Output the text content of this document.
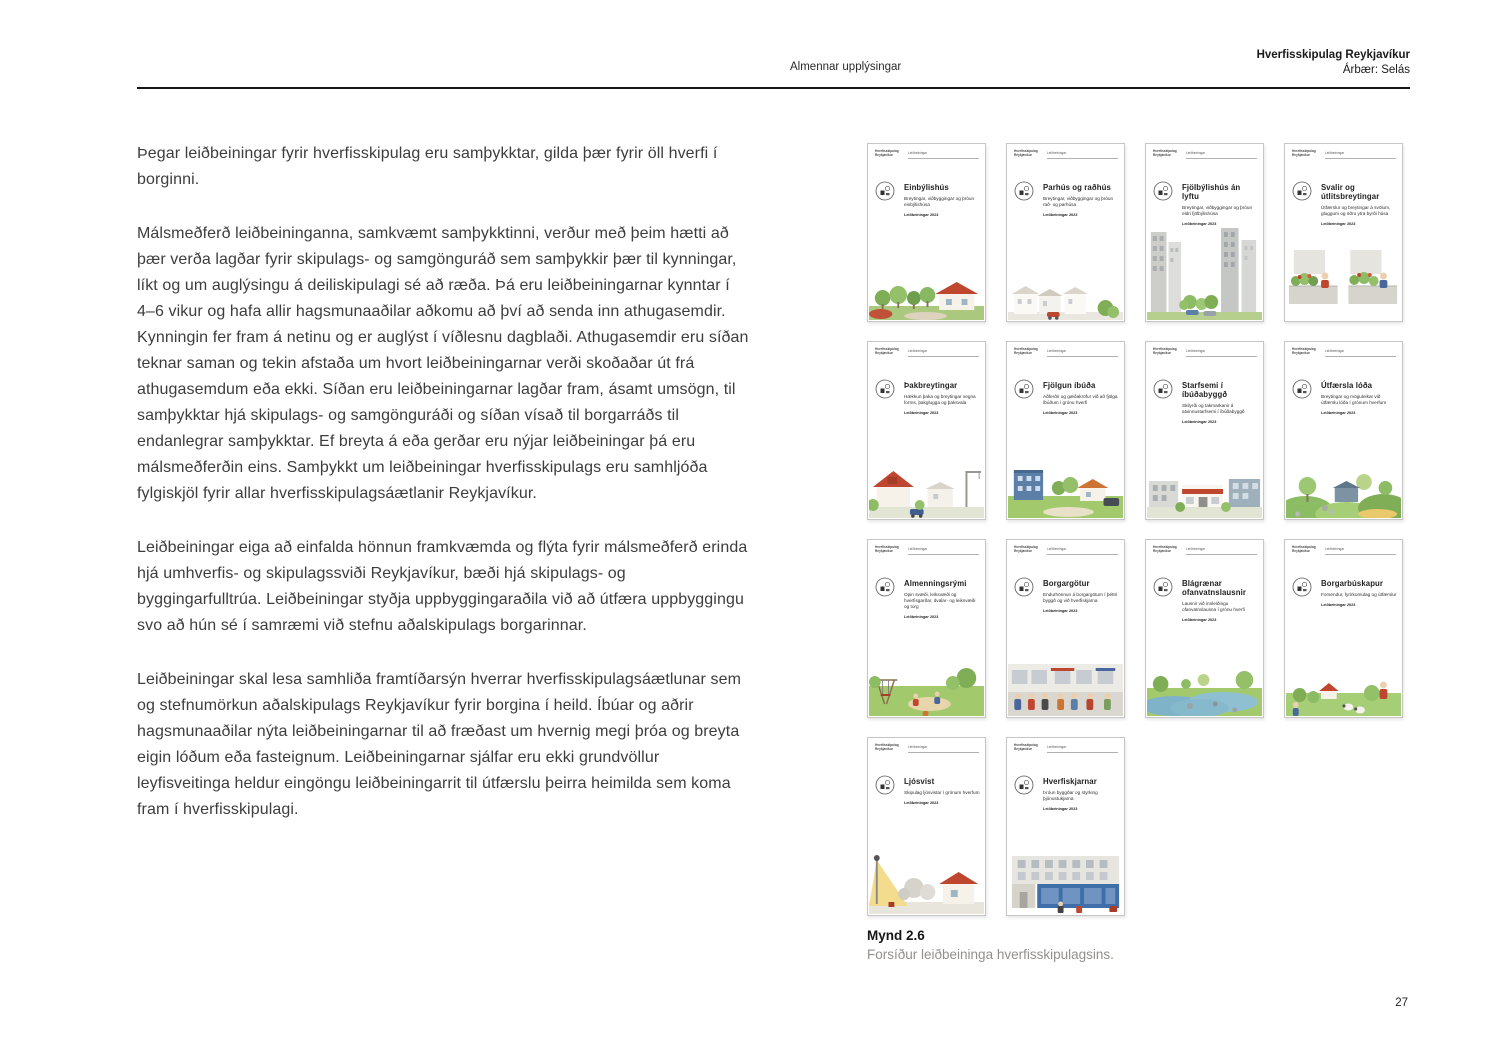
Almennar upplýsingar
Hverfisskipulag Reykjavíkur
Árbær: Selás

Þegar leiðbeiningar fyrir hverfisskipulag eru samþykktar, gilda þær fyrir öll hverfi í borginni.

Málsmeðferð leiðbeininganna, samkvæmt samþykktinni, verður með þeim hætti að þær verða lagðar fyrir skipulags- og samgönguráð sem samþykkir þær til kynningar, líkt og um auglýsingu á deiliskipulagi sé að ræða. Þá eru leiðbeiningarnar kynntar í 4–6 vikur og hafa allir hagsmunaaðilar aðkomu að því að senda inn athugasemdir. Kynningin fer fram á netinu og er auglýst í víðlesnu dagblaði. Athugasemdir eru síðan teknar saman og tekin afstaða um hvort leiðbeiningarnar verði skoðaðar út frá athugasemdum eða ekki. Síðan eru leiðbeiningarnar lagðar fram, ásamt umsögn, til samþykktar hjá skipulags- og samgönguráði og síðan vísað til borgarráðs til endanlegrar samþykktar. Ef breyta á eða gerðar eru nýjar leiðbeiningar þá eru málsmeðferðin eins. Samþykkt um leiðbeiningar hverfisskipulags eru samhljóða fylgiskjöl fyrir allar hverfisskipulagsáætlanir Reykjavíkur.

Leiðbeiningar eiga að einfalda hönnun framkvæmda og flýta fyrir málsmeðferð erinda hjá umhverfis- og skipulagssviði Reykjavíkur, bæði hjá skipulags- og byggingarfulltrúa. Leiðbeiningar styðja uppbyggingaraðila við að útfæra uppbyggingu svo að hún sé í samræmi við stefnu aðalskipulags borgarinnar.

Leiðbeiningar skal lesa samhliða framtíðarsýn hverrar hverfisskipulagsáætlunar sem og stefnumörkun aðalskipulags Reykjavíkur fyrir borgina í heild. Íbúar og aðrir hagsmunaaðilar nýta leiðbeiningarnar til að fræðast um hvernig megi þróa og breyta eigin lóðum eða fasteignum. Leiðbeiningarnar sjálfar eru ekki grundvöllur leyfisveitinga heldur eingöngu leiðbeiningarrit til útfærslu þeirra heimilda sem koma fram í hverfisskipulagi.

Hverfisskipulag
Reykjavíkur	Leiðbeiningar
Einbýlishús
Breytingar, viðbyggingar og þróun einbýlishúsa
Leiðbeiningar 2023
Hverfisskipulag
Reykjavíkur	Leiðbeiningar
Parhús og raðhús
Breytingar, viðbyggingar og þróun rað- og parhúsa
Leiðbeiningar 2023
Hverfisskipulag
Reykjavíkur	Leiðbeiningar
Fjölbýlishús án lyftu
Breytingar, viðbyggingar og þróun eldri fjölbýlishúsa
Leiðbeiningar 2023
Hverfisskipulag
Reykjavíkur	Leiðbeiningar
Svalir og útlitsbreytingar
Útfærslur og breytingar á svölum, gluggum og öðru ytra byrði húsa
Leiðbeiningar 2023
Hverfisskipulag
Reykjavíkur	Leiðbeiningar
Þakbreytingar
Hækkun þaka og breytingar vegna forms, þakglugga og þaksvala
Leiðbeiningar 2023
Hverfisskipulag
Reykjavíkur	Leiðbeiningar
Fjölgun íbúða
Aðferðir og gæðakröfur við að fjölga íbúðum í grónu hverfi
Leiðbeiningar 2023
Hverfisskipulag
Reykjavíkur	Leiðbeiningar
Starfsemi í íbúðabyggð
Skilyrði og takmarkanir á atvinnustarfsemi í íbúðabyggð
Leiðbeiningar 2023
Hverfisskipulag
Reykjavíkur	Leiðbeiningar
Útfærsla lóða
Breytingar og möguleikar við útfærslu lóða í grónum hverfum
Leiðbeiningar 2023
Hverfisskipulag
Reykjavíkur	Leiðbeiningar
Almenningsrými
Opin svæði, leiksvæði og hverfisgarðar, dvalar- og leiksvæði og torg
Leiðbeiningar 2023
Hverfisskipulag
Reykjavíkur	Leiðbeiningar
Borgargötur
Endurhönnun á borgargötum í þéttri byggð og við hverfiskjarna
Leiðbeiningar 2023
Hverfisskipulag
Reykjavíkur	Leiðbeiningar
Blágrænar ofanvatnslausnir
Lausnir við innleiðingu ofanvatnslausna í grónu hverfi
Leiðbeiningar 2023
Hverfisskipulag
Reykjavíkur	Leiðbeiningar
Borgarbúskapur
Forsendur, fyrirkomulag og útfærslur
Leiðbeiningar 2023
Hverfisskipulag
Reykjavíkur	Leiðbeiningar
Ljósvist
Skipulag ljósvistar í grónum hverfum
Leiðbeiningar 2023
Hverfisskipulag
Reykjavíkur	Leiðbeiningar
Hverfiskjarnar
Þróun byggðar og styrking þjónustukjarna
Leiðbeiningar 2023
Mynd 2.6
Forsíður leiðbeininga hverfisskipulagsins.
27
